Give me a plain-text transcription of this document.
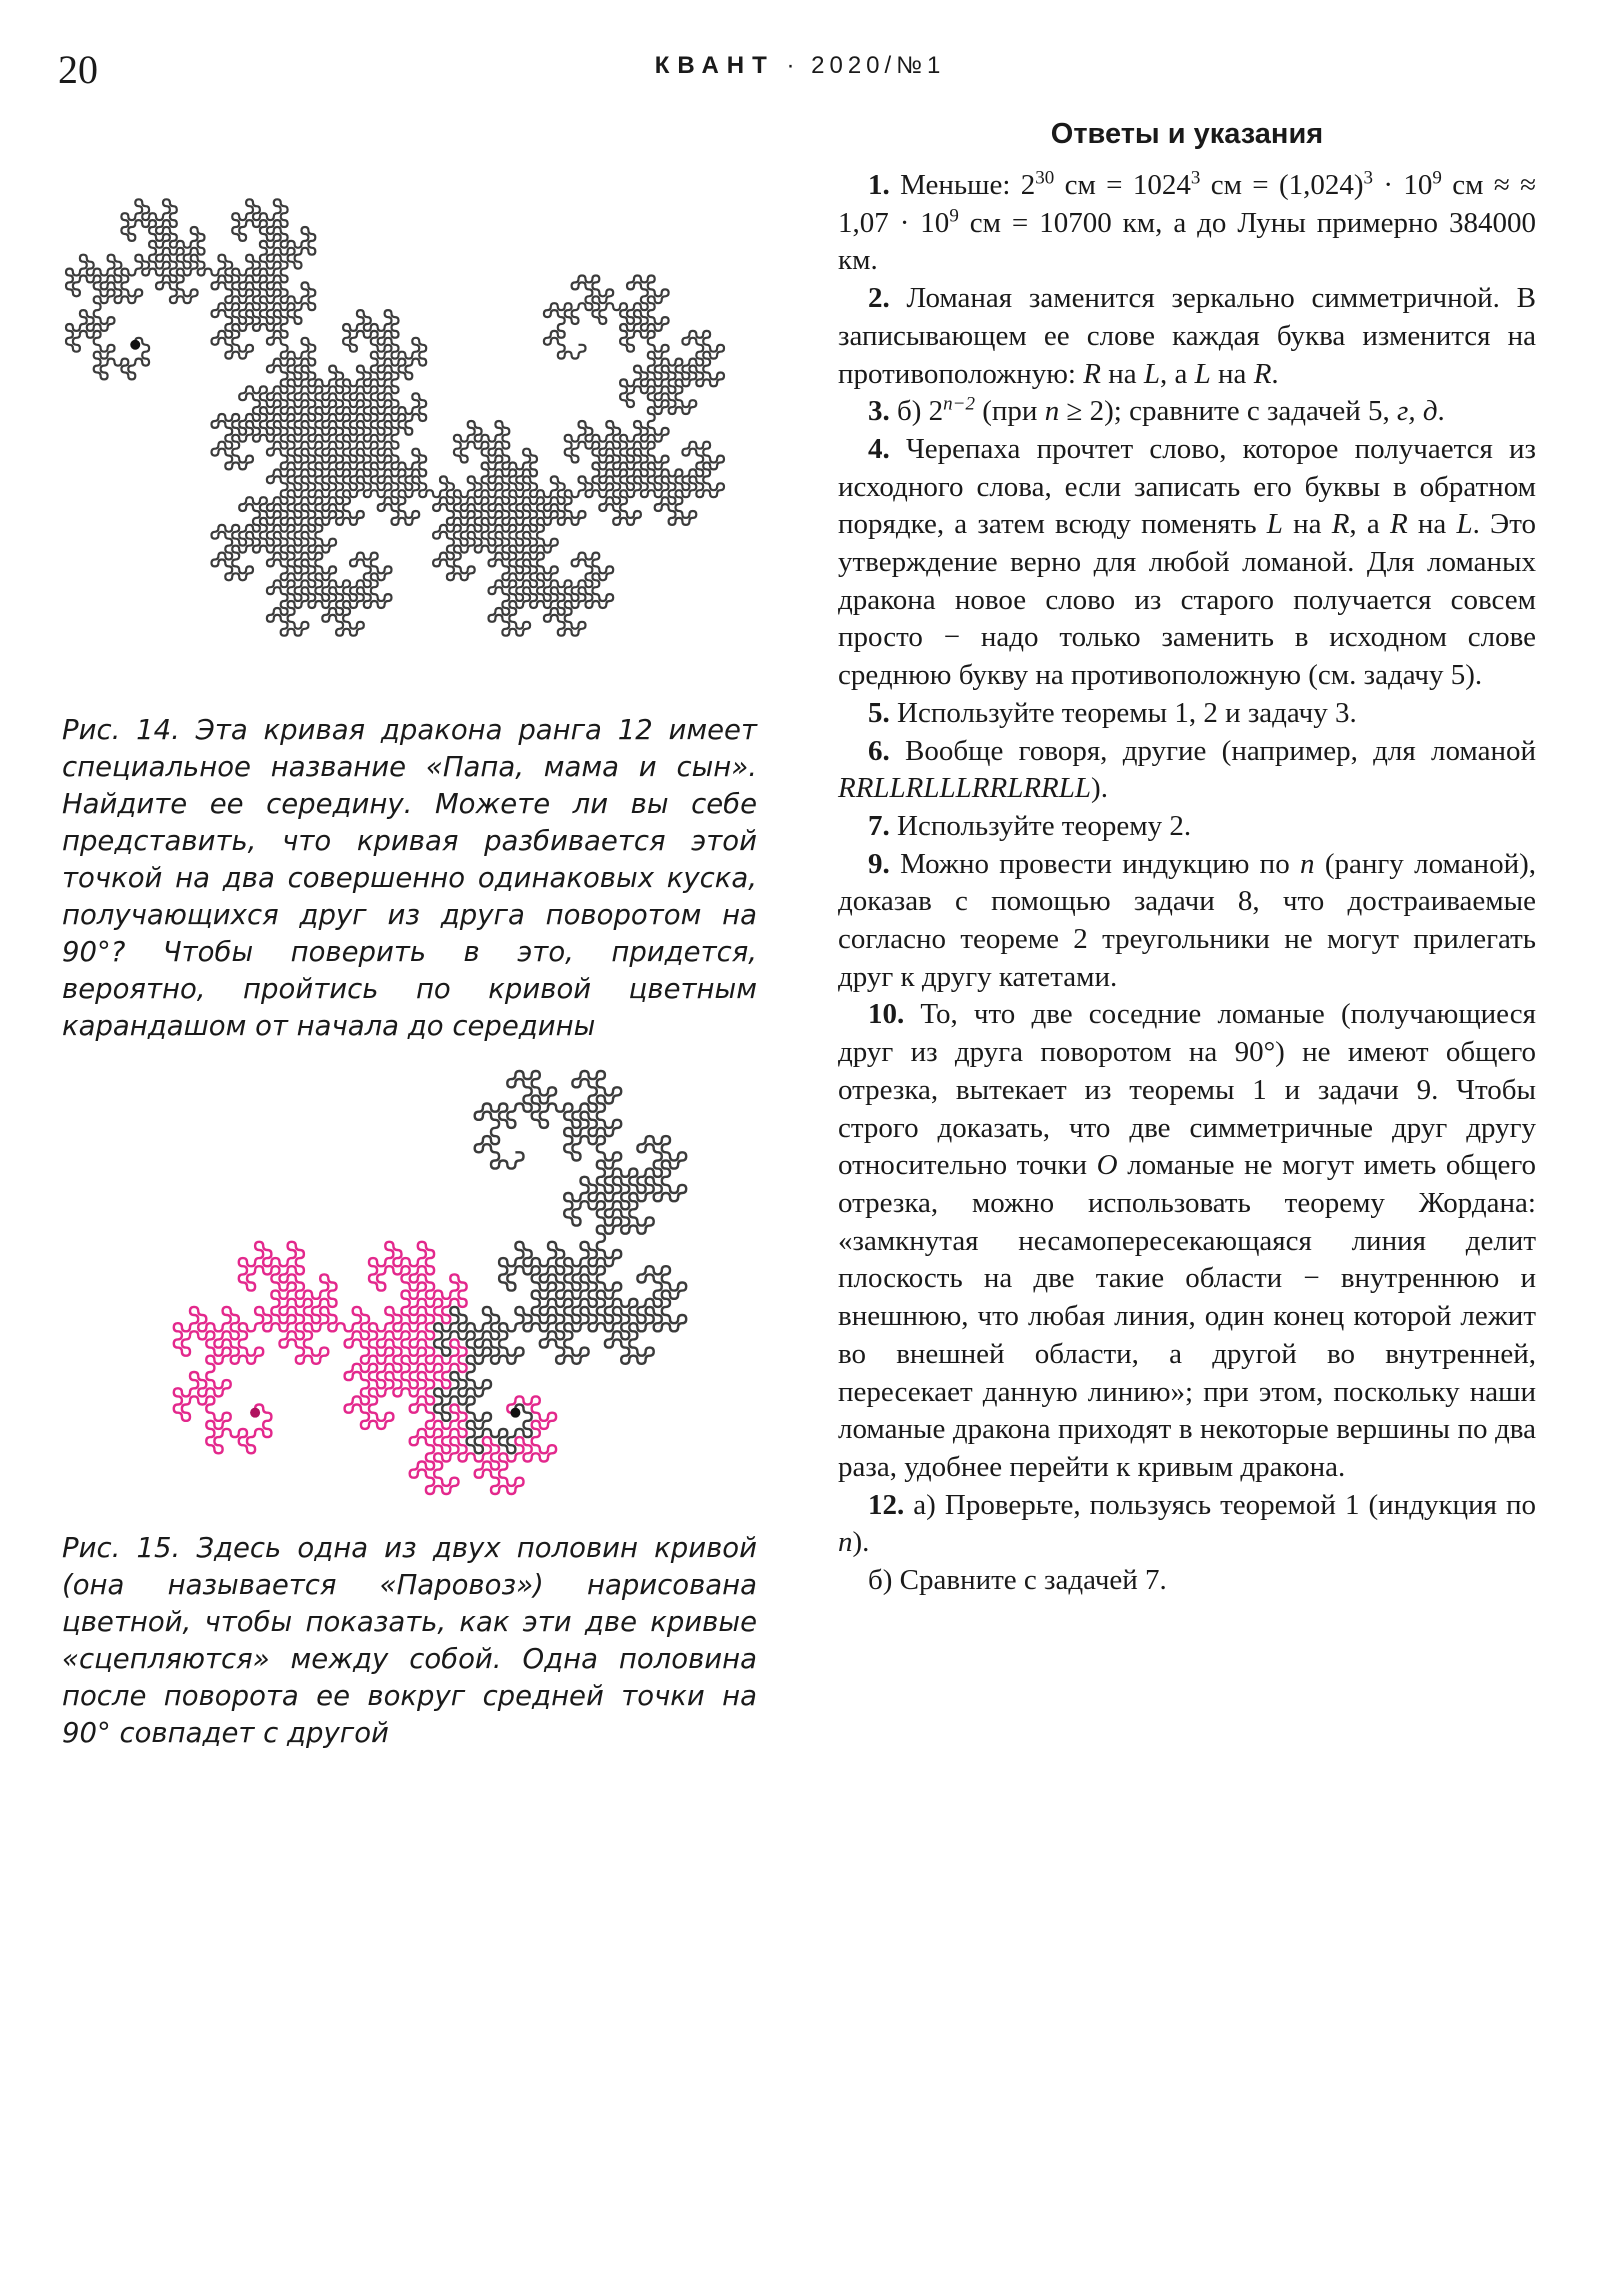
20	КВАНТ · 2020/№1
Рис. 14. Эта кривая дракона ранга 12 имеет специальное название «Папа, мама и сын». Найдите ее середину. Можете ли вы себе представить, что кривая разбивается этой точкой на два совершенно одинаковых куска, получающихся друг из друга поворотом на 90°? Чтобы поверить в это, придется, вероятно, пройтись по кривой цветным карандашом от начала до середины
Рис. 15. Здесь одна из двух половин кривой (она называется «Паровоз») нарисована цветной, чтобы показать, как эти две кривые «сцепляются» между собой. Одна половина после поворота ее вокруг средней точки на 90° совпадет с другой
Ответы и указания

1. Меньше: $2^{30}$ см = $1024^3$ см = $(1,024)^3 \cdot 10^9$ см ≈ ≈ $1,07 \cdot 10^9$ см = 10700 км, а до Луны примерно 384000 км.

2. Ломаная заменится зеркально симметричной. В записывающем ее слове каждая буква изменится на противоположную: R на L, а L на R.

3. б) $2^{n-2}$ (при n ≥ 2); сравните с задачей 5, г, д.

4. Черепаха прочтет слово, которое получается из исходного слова, если записать его буквы в обратном порядке, а затем всюду поменять L на R, а R на L. Это утверждение верно для любой ломаной. Для ломаных дракона новое слово из старого получается совсем просто − надо только заменить в исходном слове среднюю букву на противоположную (см. задачу 5).

5. Используйте теоремы 1, 2 и задачу 3.

6. Вообще говоря, другие (например, для ломаной RRLLRLLLRRLRRLL).

7. Используйте теорему 2.

9. Можно провести индукцию по n (рангу ломаной), доказав с помощью задачи 8, что достраиваемые согласно теореме 2 треугольники не могут прилегать друг к другу катетами.

10. То, что две соседние ломаные (получающиеся друг из друга поворотом на 90°) не имеют общего отрезка, вытекает из теоремы 1 и задачи 9. Чтобы строго доказать, что две симметричные друг другу относительно точки O ломаные не могут иметь общего отрезка, можно использовать теорему Жордана: «замкнутая несамопересекающаяся линия делит плоскость на две такие области − внутреннюю и внешнюю, что любая линия, один конец которой лежит во внешней области, а другой во внутренней, пересекает данную линию»; при этом, поскольку наши ломаные дракона приходят в некоторые вершины по два раза, удобнее перейти к кривым дракона.

12. а) Проверьте, пользуясь теоремой 1 (индукция по n).

б) Сравните с задачей 7.
